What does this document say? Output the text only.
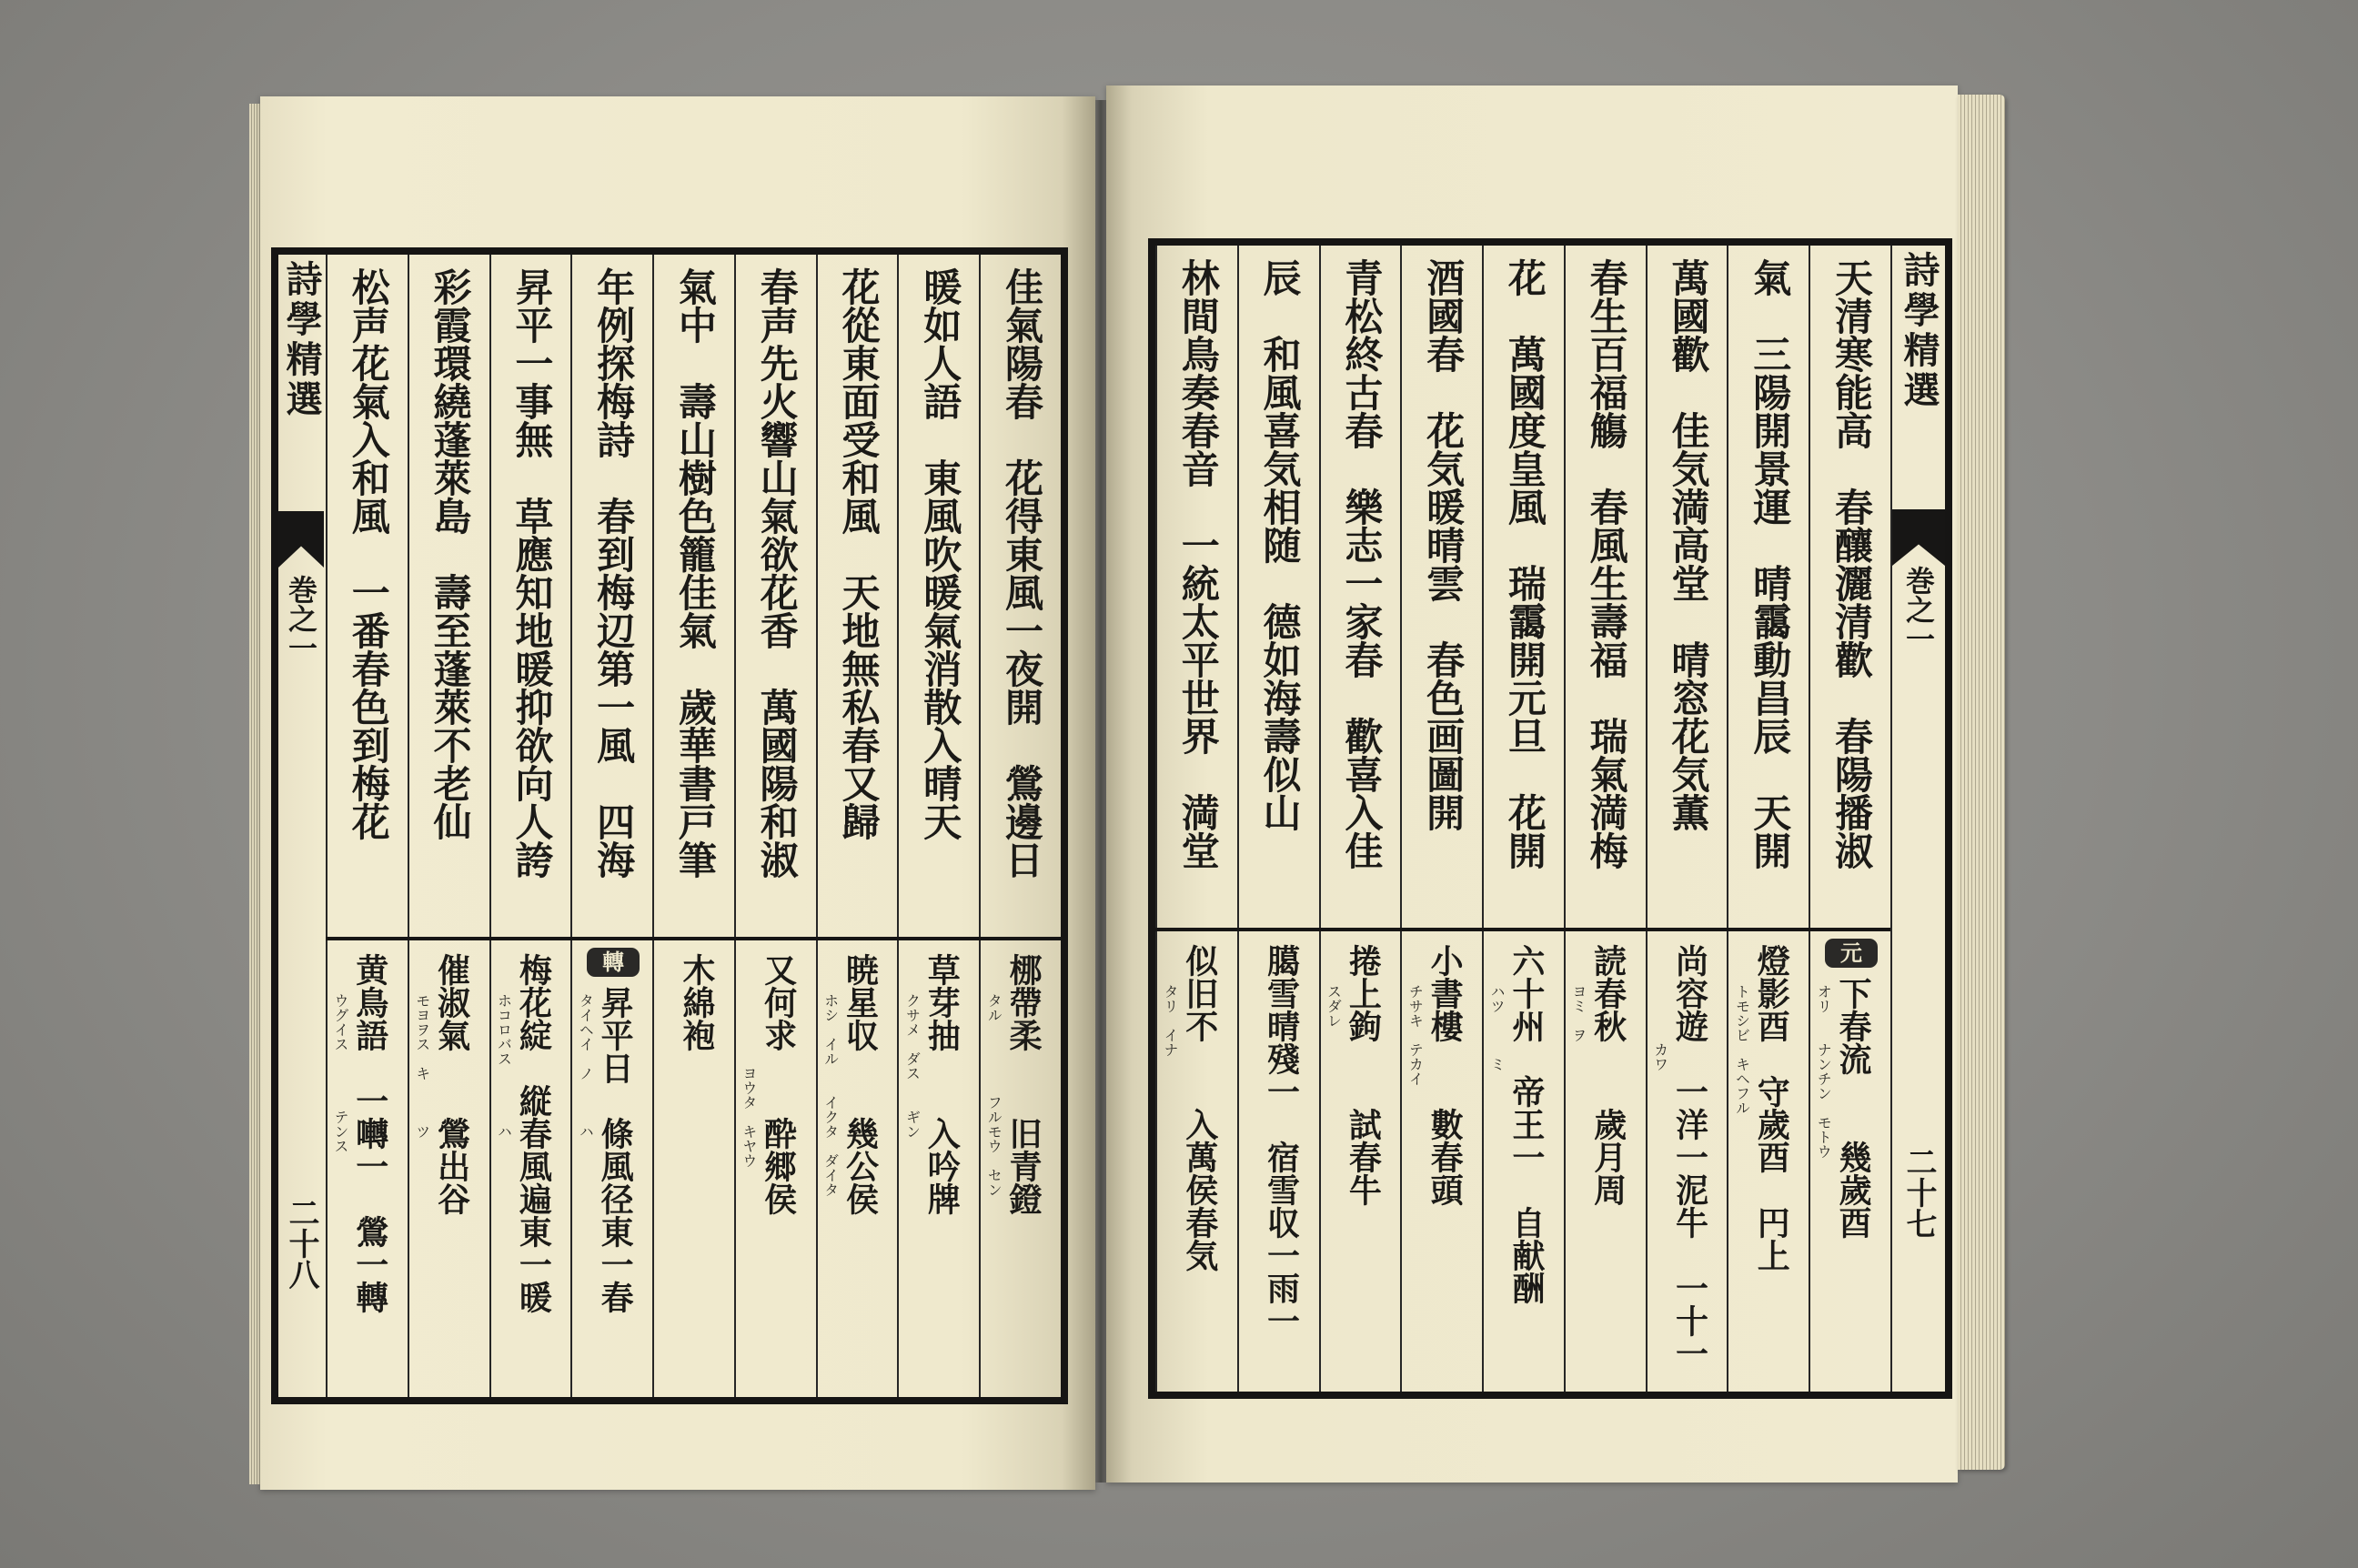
詩學精選
巻之一
二十八
佳氣陽春　花得東風一夜開　鶯邊日
暖如人語　東風吹暖氣消散入晴天
花從東面受和風　天地無私春又歸
春声先火響山氣欲花香　萬國陽和淑
氣中　壽山樹色籠佳氣　歲華書戸筆
年例探梅詩　春到梅辺第一風　四海
昇平一事無　草應知地暖抑欲向人誇
彩霞環繞蓬萊島　壽至蓬萊不老仙
松声花氣入和風　一番春色到梅花
梛帶柔　　旧青鐙
タル　　　　　フルモウ　セン
草芽抽　　入吟牌
クサメ　ダス　　ギン
暁星収　　幾公侯
ホシ　イル　　イクタ　ダイタ
又何求　　酔郷侯
　　　　　ヨウタ　キヤウ
木綿袍
轉
昇平日　條風径東一春
タイヘイ　ノ　　　ハ
梅花綻　縦春風遍東一暖
ホコロバス　　　　ハ
催淑氣　　鶯出谷
モヨヲス　キ　　　ツ
黄鳥語　一囀一　鶯一轉
ウグイス　　　　テンス
天清寒能高　春釀灑清歡　春陽播淑
氣　三陽開景運　晴靄動昌辰　天開
萬國歡　佳気満高堂　晴窓花気薫
春生百福觴　春風生壽福　瑞氣満梅
花　萬國度皇風　瑞靄開元旦　花開
酒國春　花気暖晴雲　春色画圖開
青松終古春　樂志一家春　歡喜入佳
辰　和風喜気相随　德如海壽似山
林間鳥奏春音　一統太平世界　満堂
元
下春流　　幾歲酉
オリ　　ナンチン　モトウ
燈影酉　守歲酉　円上
トモシビ　キヘフル
尚容遊　一洋一泥牛　一十一
　　　　カワ
読春秋　　歲月周
ヨミ　ヲ
六十州　帝王一　自献酬
ハツ　　　ミ
小書樓　　數春頭
チサキ　テカイ
捲上鉤　　試春牛
スダレ
臈雪晴殘一　宿雪収一雨一
似旧不　　入萬侯春気
タリ　イナ
詩學精選
巻之一
二十七
